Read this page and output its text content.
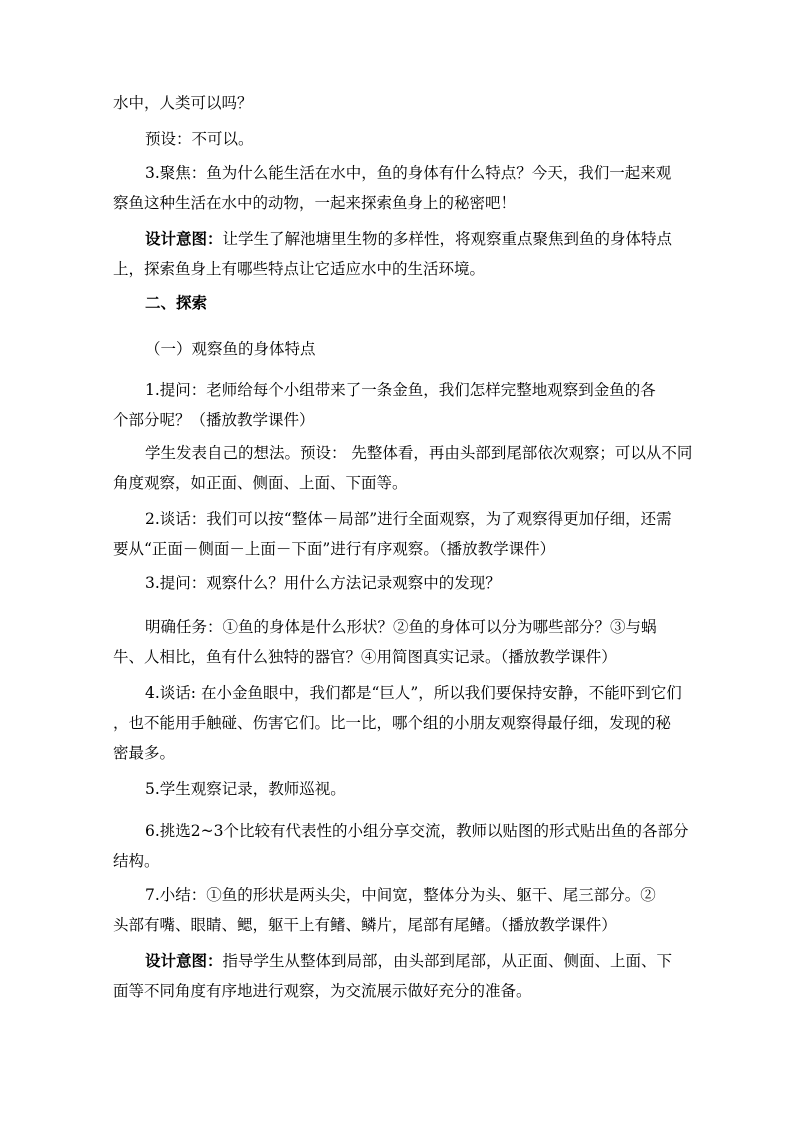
水中，人类可以吗？

预设：不可以。

3.聚焦：鱼为什么能生活在水中，鱼的身体有什么特点？今天，我们一起来观
察鱼这种生活在水中的动物，一起来探索鱼身上的秘密吧！

设计意图：让学生了解池塘里生物的多样性，将观察重点聚焦到鱼的身体特点
上，探索鱼身上有哪些特点让它适应水中的生活环境。

二、探索
（一）观察鱼的身体特点

1.提问：老师给每个小组带来了一条金鱼，我们怎样完整地观察到金鱼的各
个部分呢？（播放教学课件）

学生发表自己的想法。预设： 先整体看，再由头部到尾部依次观察；可以从不同
角度观察，如正面、侧面、上面、下面等。

2.谈话：我们可以按“整体－局部”进行全面观察，为了观察得更加仔细，还需
要从“正面－侧面－上面－下面”进行有序观察。（播放教学课件）

3.提问：观察什么？用什么方法记录观察中的发现？

明确任务：①鱼的身体是什么形状？②鱼的身体可以分为哪些部分？③与蜗
牛、人相比，鱼有什么独特的器官？④用简图真实记录。（播放教学课件）

4.谈话: 在小金鱼眼中，我们都是“巨人”，所以我们要保持安静，不能吓到它们
，也不能用手触碰、伤害它们。比一比，哪个组的小朋友观察得最仔细，发现的秘
密最多。

5.学生观察记录，教师巡视。

6.挑选2~3个比较有代表性的小组分享交流，教师以贴图的形式贴出鱼的各部分
结构。

7.小结：①鱼的形状是两头尖，中间宽，整体分为头、躯干、尾三部分。②
头部有嘴、眼睛、鳃，躯干上有鳍、鳞片，尾部有尾鳍。（播放教学课件）

设计意图：指导学生从整体到局部，由头部到尾部，从正面、侧面、上面、下
面等不同角度有序地进行观察，为交流展示做好充分的准备。
